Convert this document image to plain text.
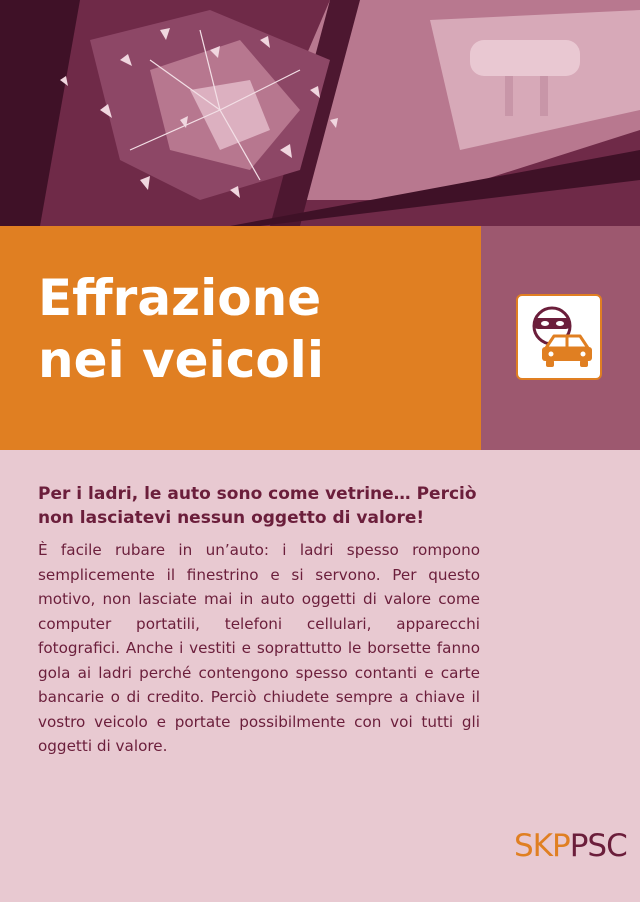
Effrazione
nei veicoli

Per i ladri, le auto sono come vetrine… Perciò non lasciatevi nessun oggetto di valore!

È facile rubare in un’auto: i ladri spesso rompono semplicemente il finestrino e si servono. Per questo motivo, non lasciate mai in auto oggetti di valore come computer portatili, telefoni cellulari, apparecchi fotografici. Anche i vestiti e soprattutto le borsette fanno gola ai ladri perché contengono spesso contanti e carte bancarie o di credito. Perciò chiudete sempre a chiave il vostro veicolo e portate possibilmente con voi tutti gli oggetti di valore.

SKPPSC
